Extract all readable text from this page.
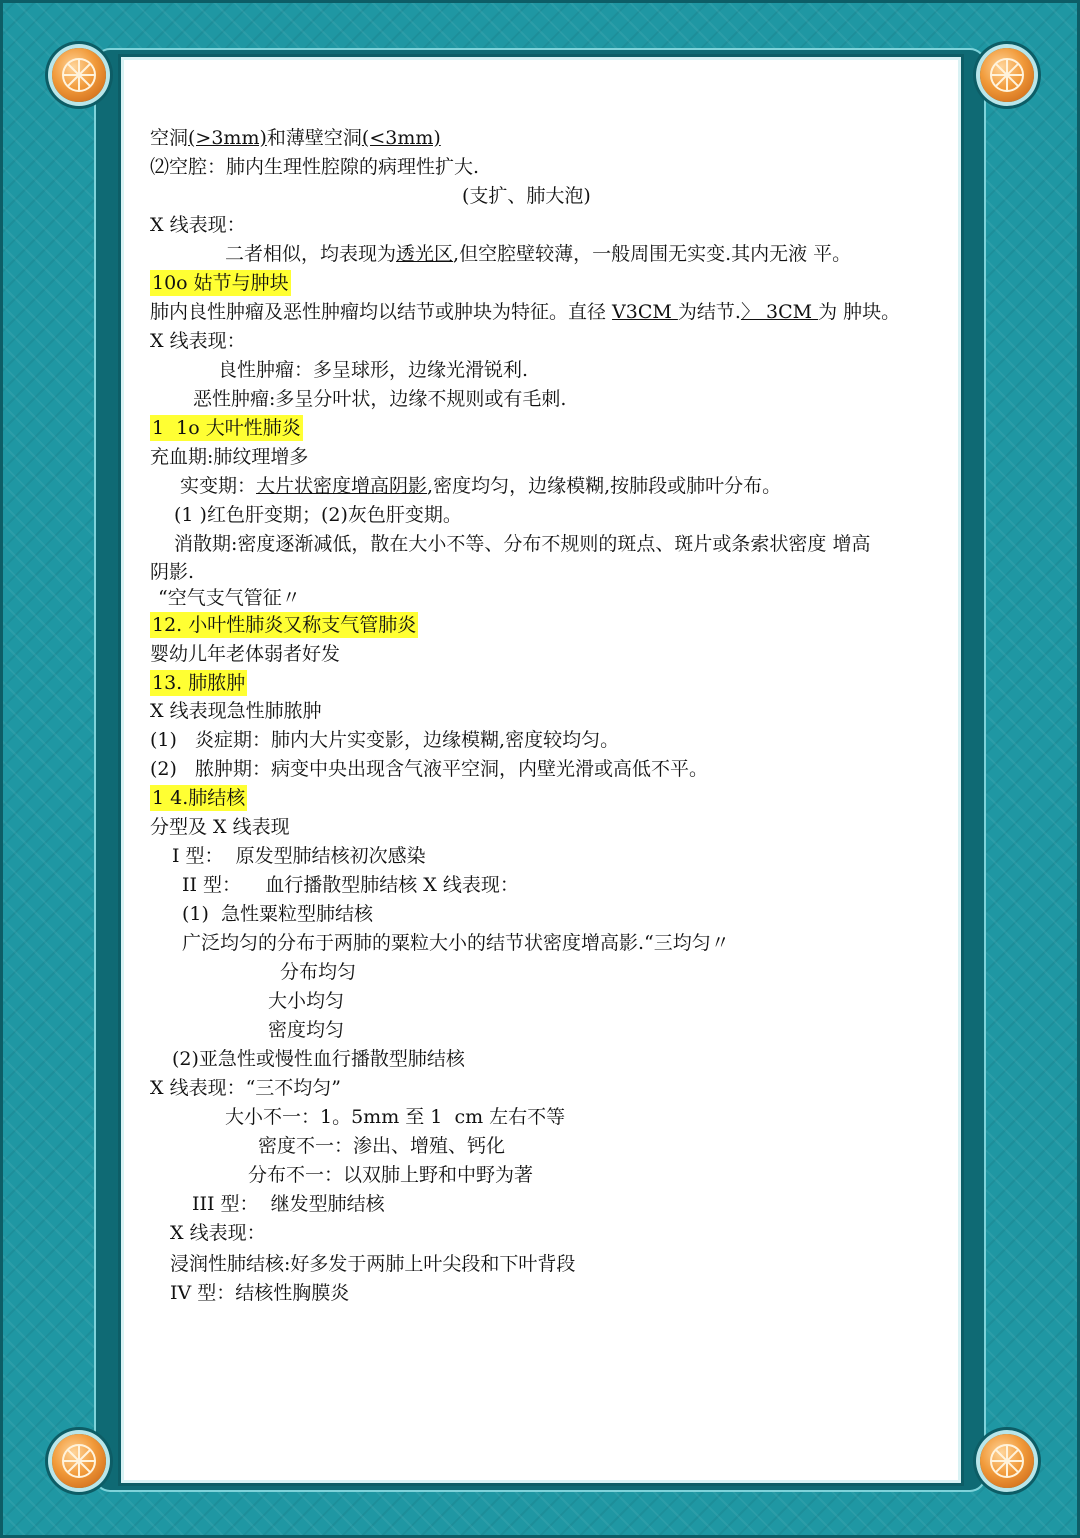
空洞(>3mm)和薄壁空洞(<3mm)
⑵空腔：肺内生理性腔隙的病理性扩大.
(支扩、肺大泡)
X 线表现：
二者相似，均表现为透光区,但空腔壁较薄，一般周围无实变.其内无液 平。
10o 姑节与肿块
肺内良性肿瘤及恶性肿瘤均以结节或肿块为特征。直径 V3CM 为结节.〉 3CM 为 肿块。
X 线表现：
良性肿瘤：多呈球形，边缘光滑锐利.
恶性肿瘤:多呈分叶状，边缘不规则或有毛刺.
1  1o 大叶性肺炎
充血期:肺纹理增多
实变期：大片状密度增高阴影,密度均匀，边缘模糊,按肺段或肺叶分布。
(1 )红色肝变期；(2)灰色肝变期。
消散期:密度逐渐减低，散在大小不等、分布不规则的斑点、斑片或条索状密度 增高
阴影.
“空气支气管征〃
12. 小叶性肺炎又称支气管肺炎
婴幼儿年老体弱者好发
13. 肺脓肿
X 线表现急性肺脓肿
(1)   炎症期：肺内大片实变影，边缘模糊,密度较均匀。
(2)   脓肿期：病变中央出现含气液平空洞，内壁光滑或高低不平。
1 4.肺结核
分型及 X 线表现
I 型：  原发型肺结核初次感染
II 型：    血行播散型肺结核 X 线表现：
(1)  急性粟粒型肺结核
广泛均匀的分布于两肺的粟粒大小的结节状密度增高影.“三均匀〃
分布均匀
大小均匀
密度均匀
(2)亚急性或慢性血行播散型肺结核
X 线表现：“三不均匀”
大小不一：1。5mm 至 1  cm 左右不等
密度不一：渗出、增殖、钙化
分布不一：以双肺上野和中野为著
III 型：  继发型肺结核
X 线表现：
浸润性肺结核:好多发于两肺上叶尖段和下叶背段
IV 型：结核性胸膜炎
